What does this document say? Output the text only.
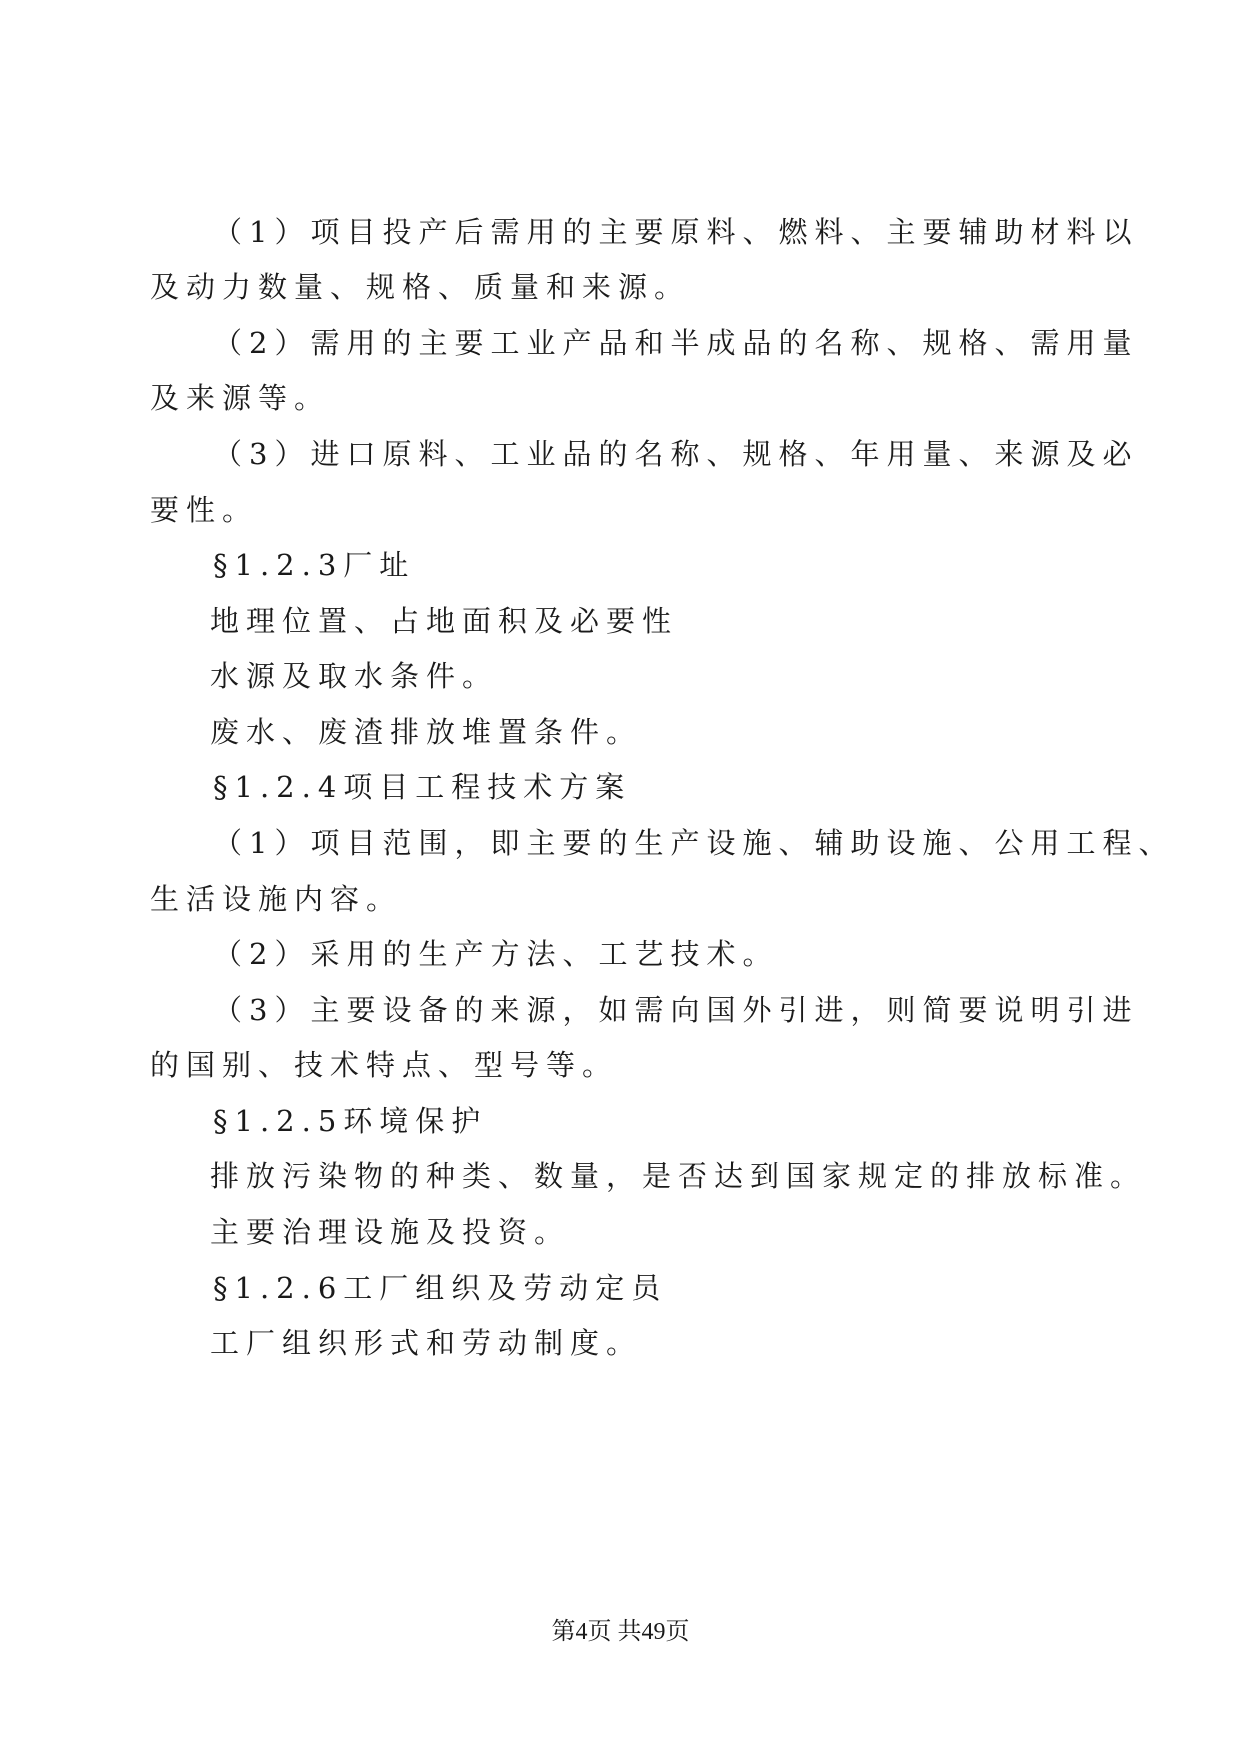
（1）项目投产后需用的主要原料、燃料、主要辅助材料以
及动力数量、规格、质量和来源。
（2）需用的主要工业产品和半成品的名称、规格、需用量
及来源等。
（3）进口原料、工业品的名称、规格、年用量、来源及必
要性。
§1.2.3厂址
地理位置、占地面积及必要性
水源及取水条件。
废水、废渣排放堆置条件。
§1.2.4项目工程技术方案
（1）项目范围，即主要的生产设施、辅助设施、公用工程、
生活设施内容。
（2）采用的生产方法、工艺技术。
（3）主要设备的来源，如需向国外引进，则简要说明引进
的国别、技术特点、型号等。
§1.2.5环境保护
排放污染物的种类、数量，是否达到国家规定的排放标准。
主要治理设施及投资。
§1.2.6工厂组织及劳动定员
工厂组织形式和劳动制度。
第4页 共49页
